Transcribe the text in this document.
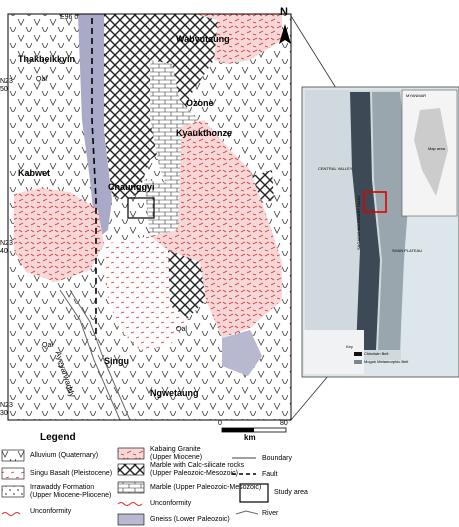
E96 0'	N
N23
50
N23
40
N23
30
Thakbeikkyin
Wabyutaung
Ozone
Kyaukthonze
Kabwet
Chaunggyi
Singu
Ngwetaung
Ayeyarwaddy
Qal
Qal
Qal
0	80
km
CENTRAL VALLEY
SHAN PLATEAU
SAGAING BOUNDARY FAULT
MYANMAR
Map area
Key
Chindwin Belt
Mogok Metamorphic Belt
Legend
Alluvium (Quaternary)
Singu Basalt (Pleistocene)
Irrawaddy Formation
(Upper Miocene-Pliocene)
Unconformity
Kabaing Granite
(Upper Miocene)
Marble with Calc-silicate rocks
(Upper Paleozoic-Mesozoic)
Marble (Upper Paleozoic-Mesozoic)
Unconformity
Gneiss (Lower Paleozoic)
Boundary
Fault
Study area
River
